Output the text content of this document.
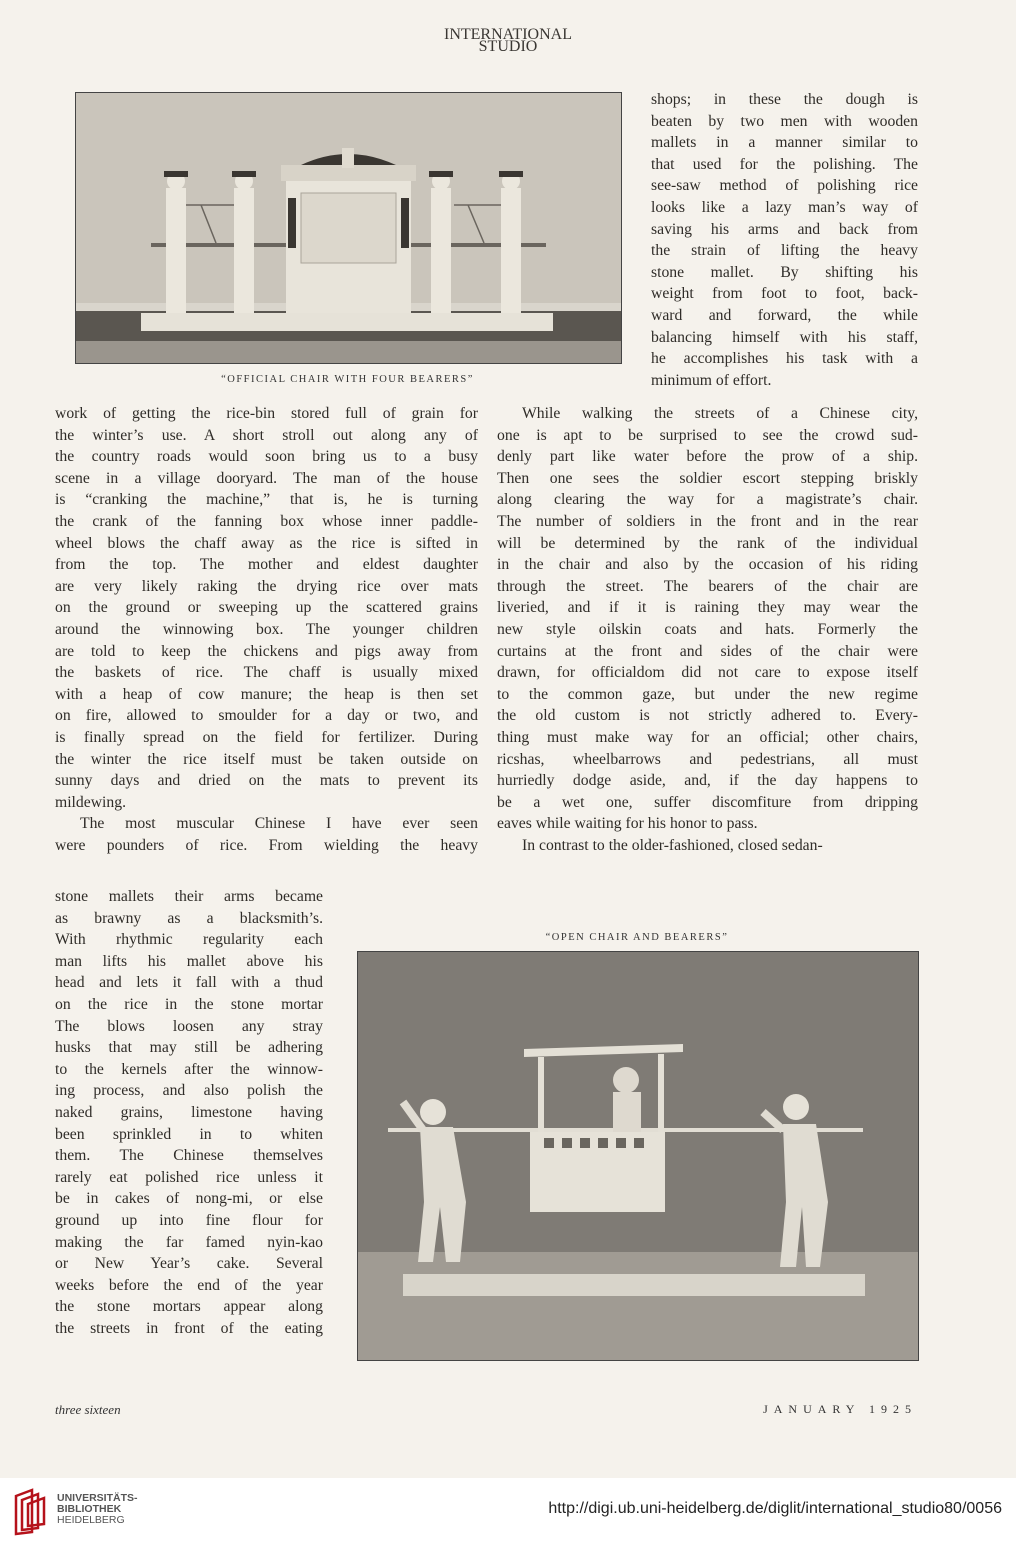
INTERNATIONAL
STUDIO
“OFFICIAL CHAIR WITH FOUR BEARERS”

shops; in these the dough is

beaten by two men with wooden

mallets in a manner similar to

that used for the polishing. The

see-saw method of polishing rice

looks like a lazy man’s way of

saving his arms and back from

the strain of lifting the heavy

stone mallet. By shifting his

weight from foot to foot, back-

ward and forward, the while

balancing himself with his staff,

he accomplishes his task with a

minimum of effort.

work of getting the rice-bin stored full of grain for

the winter’s use. A short stroll out along any of

the country roads would soon bring us to a busy

scene in a village dooryard. The man of the house

is “cranking the machine,” that is, he is turning

the crank of the fanning box whose inner paddle-

wheel blows the chaff away as the rice is sifted in

from the top. The mother and eldest daughter

are very likely raking the drying rice over mats

on the ground or sweeping up the scattered grains

around the winnowing box. The younger children

are told to keep the chickens and pigs away from

the baskets of rice. The chaff is usually mixed

with a heap of cow manure; the heap is then set

on fire, allowed to smoulder for a day or two, and

is finally spread on the field for fertilizer. During

the winter the rice itself must be taken outside on

sunny days and dried on the mats to prevent its

mildewing.

The most muscular Chinese I have ever seen

were pounders of rice. From wielding the heavy

stone mallets their arms became

as brawny as a blacksmith’s.

With rhythmic regularity each

man lifts his mallet above his

head and lets it fall with a thud

on the rice in the stone mortar

The blows loosen any stray

husks that may still be adhering

to the kernels after the winnow-

ing process, and also polish the

naked grains, limestone having

been sprinkled in to whiten

them. The Chinese themselves

rarely eat polished rice unless it

be in cakes of nong-mi, or else

ground up into fine flour for

making the far famed nyin-kao

or New Year’s cake. Several

weeks before the end of the year

the stone mortars appear along

the streets in front of the eating

While walking the streets of a Chinese city,

one is apt to be surprised to see the crowd sud-

denly part like water before the prow of a ship.

Then one sees the soldier escort stepping briskly

along clearing the way for a magistrate’s chair.

The number of soldiers in the front and in the rear

will be determined by the rank of the individual

in the chair and also by the occasion of his riding

through the street. The bearers of the chair are

liveried, and if it is raining they may wear the

new style oilskin coats and hats. Formerly the

curtains at the front and sides of the chair were

drawn, for officialdom did not care to expose itself

to the common gaze, but under the new regime

the old custom is not strictly adhered to. Every-

thing must make way for an official; other chairs,

ricshas, wheelbarrows and pedestrians, all must

hurriedly dodge aside, and, if the day happens to

be a wet one, suffer discomfiture from dripping

eaves while waiting for his honor to pass.

In contrast to the older-fashioned, closed sedan-

“OPEN CHAIR AND BEARERS”
three sixteen	JANUARY 1925
UNIVERSITÄTS-
BIBLIOTHEK
HEIDELBERG
http://digi.ub.uni-heidelberg.de/diglit/international_studio80/0056
